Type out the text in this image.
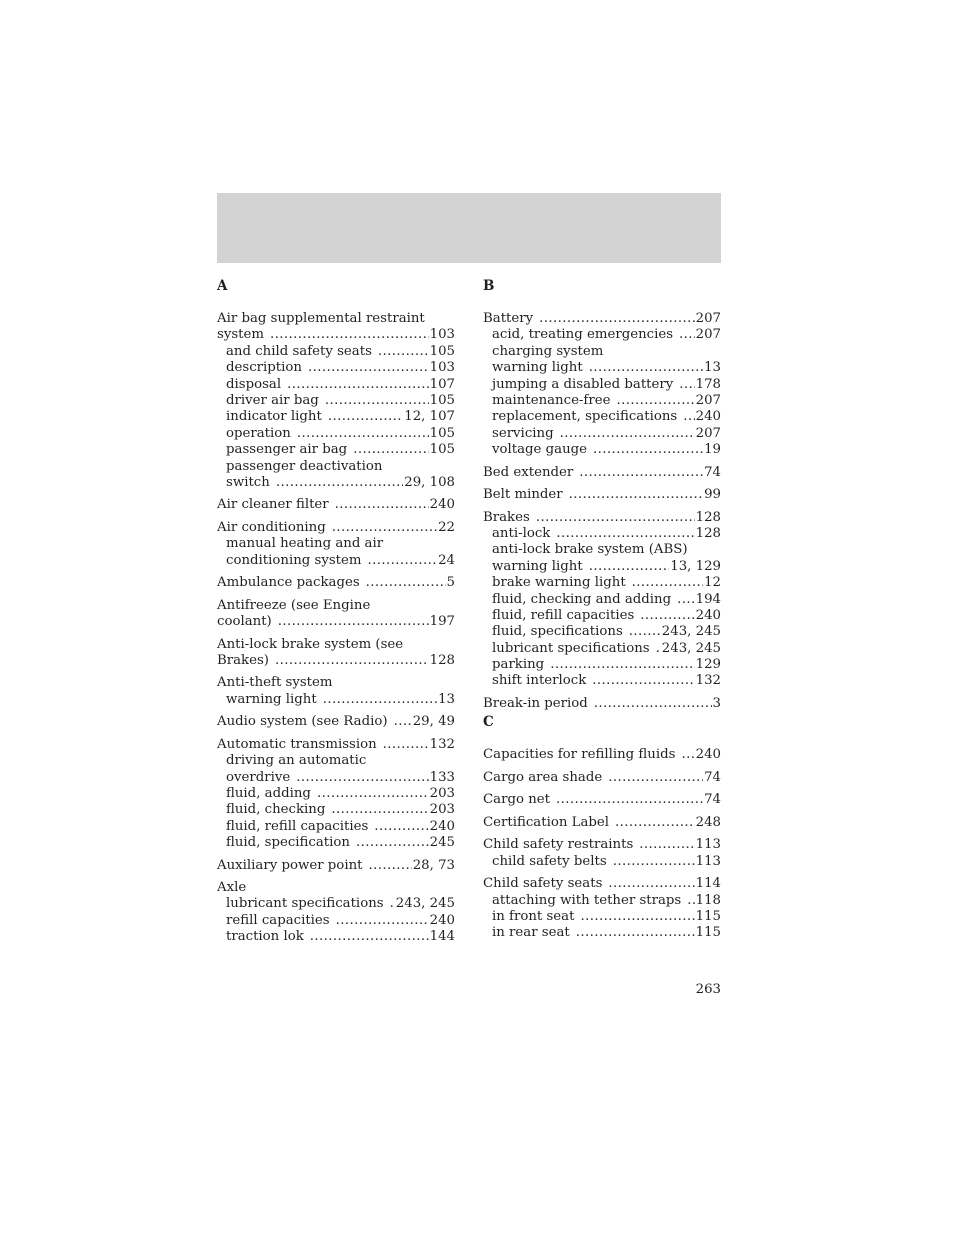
A
Air bag supplemental restraint
system .....	103
and child safety seats .....	105
description .....	103
disposal .....	107
driver air bag .....	105
indicator light .....	12, 107
operation .....	105
passenger air bag .....	105
passenger deactivation
switch .....	29, 108
Air cleaner filter .....	240
Air conditioning .....	22
manual heating and air
conditioning system .....	24
Ambulance packages .....	5
Antifreeze (see Engine
coolant) .....	197
Anti-lock brake system (see
Brakes) .....	128
Anti-theft system
warning light .....	13
Audio system (see Radio) ..... 29, 49
Automatic transmission .....	132
driving an automatic
overdrive .....	133
fluid, adding .....	203
fluid, checking .....	203
fluid, refill capacities .....	240
fluid, specification .....	245
Auxiliary power point .....	28, 73
Axle
lubricant specifications ..... 243, 245
refill capacities .....	240
traction lok .....	144
B
Battery .....	207
acid, treating emergencies ..... 207
charging system
warning light .....	13
jumping a disabled battery ..... 178
maintenance-free .....	207
replacement, specifications ..... 240
servicing .....	207
voltage gauge .....	19
Bed extender .....	74
Belt minder .....	99
Brakes .....	128
anti-lock .....	128
anti-lock brake system (ABS)
warning light .....	13, 129
brake warning light .....	12
fluid, checking and adding ..... 194
fluid, refill capacities .....	240
fluid, specifications .....	243, 245
lubricant specifications ..... 243, 245
parking .....	129
shift interlock .....	132
Break-in period .....	3
C
Capacities for refilling fluids ..... 240
Cargo area shade .....	74
Cargo net .....	74
Certification Label .....	248
Child safety restraints .....	113
child safety belts .....	113
Child safety seats .....	114
attaching with tether straps ..... 118
in front seat .....	115
in rear seat .....	115
263
